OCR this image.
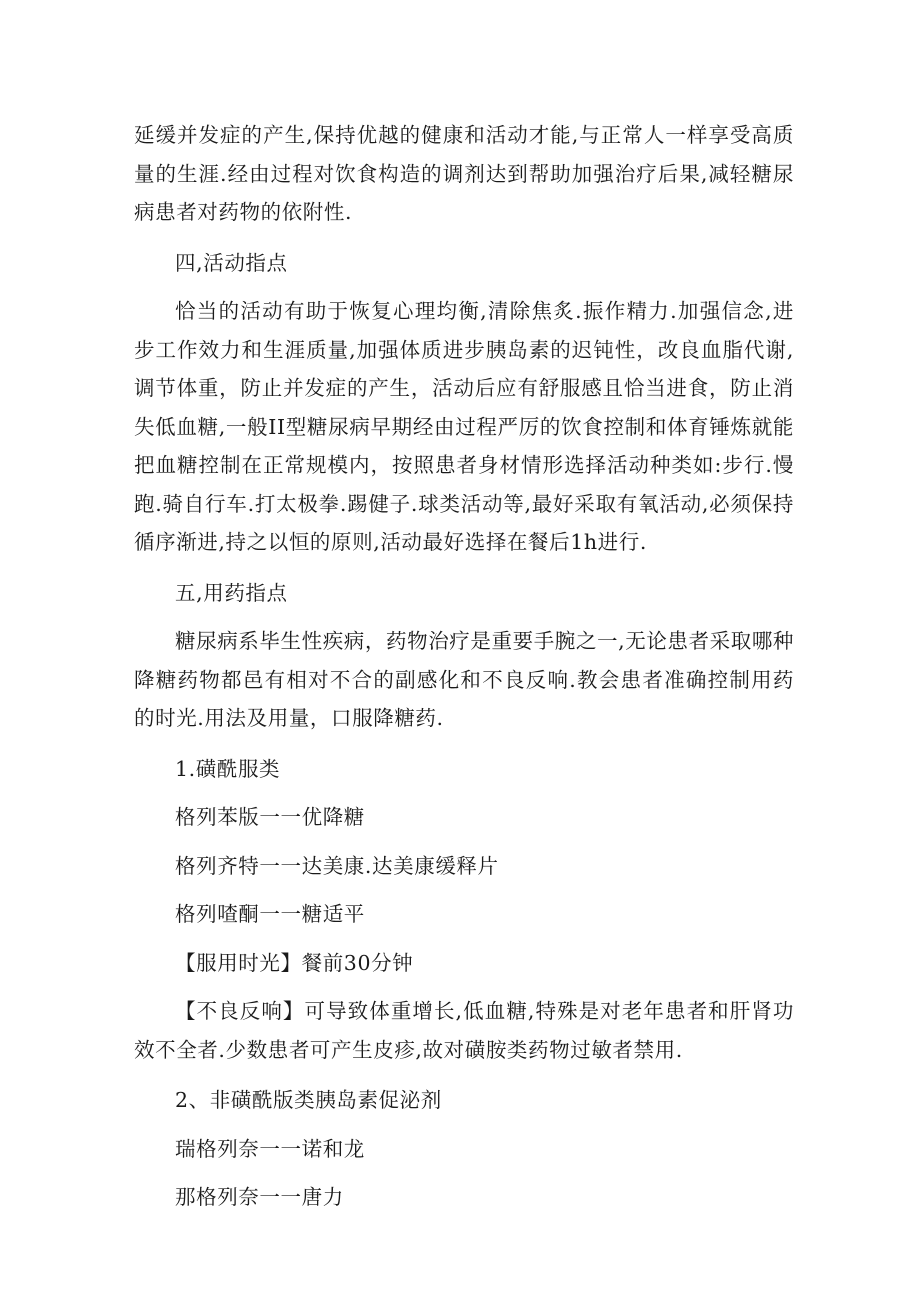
延缓并发症的产生,保持优越的健康和活动才能,与正常人一样享受高质量的生涯.经由过程对饮食构造的调剂达到帮助加强治疗后果,减轻糖尿病患者对药物的依附性.

四,活动指点

恰当的活动有助于恢复心理均衡,清除焦炙.振作精力.加强信念,进步工作效力和生涯质量,加强体质进步胰岛素的迟钝性，改良血脂代谢,调节体重，防止并发症的产生，活动后应有舒服感且恰当进食，防止消失低血糖,一般II型糖尿病早期经由过程严厉的饮食控制和体育锤炼就能把血糖控制在正常规模内，按照患者身材情形选择活动种类如:步行.慢跑.骑自行车.打太极拳.踢健子.球类活动等,最好采取有氧活动,必须保持循序渐进,持之以恒的原则,活动最好选择在餐后1h进行.

五,用药指点

糖尿病系毕生性疾病，药物治疗是重要手腕之一,无论患者采取哪种降糖药物都邑有相对不合的副感化和不良反响.教会患者准确控制用药的时光.用法及用量，口服降糖药.

1.磺酰服类

格列苯版一一优降糖

格列齐特一一达美康.达美康缓释片

格列喳酮一一糖适平

【服用时光】餐前30分钟

【不良反响】可导致体重增长,低血糖,特殊是对老年患者和肝肾功效不全者.少数患者可产生皮疹,故对磺胺类药物过敏者禁用.

2、非磺酰版类胰岛素促泌剂

瑞格列奈一一诺和龙

那格列奈一一唐力
